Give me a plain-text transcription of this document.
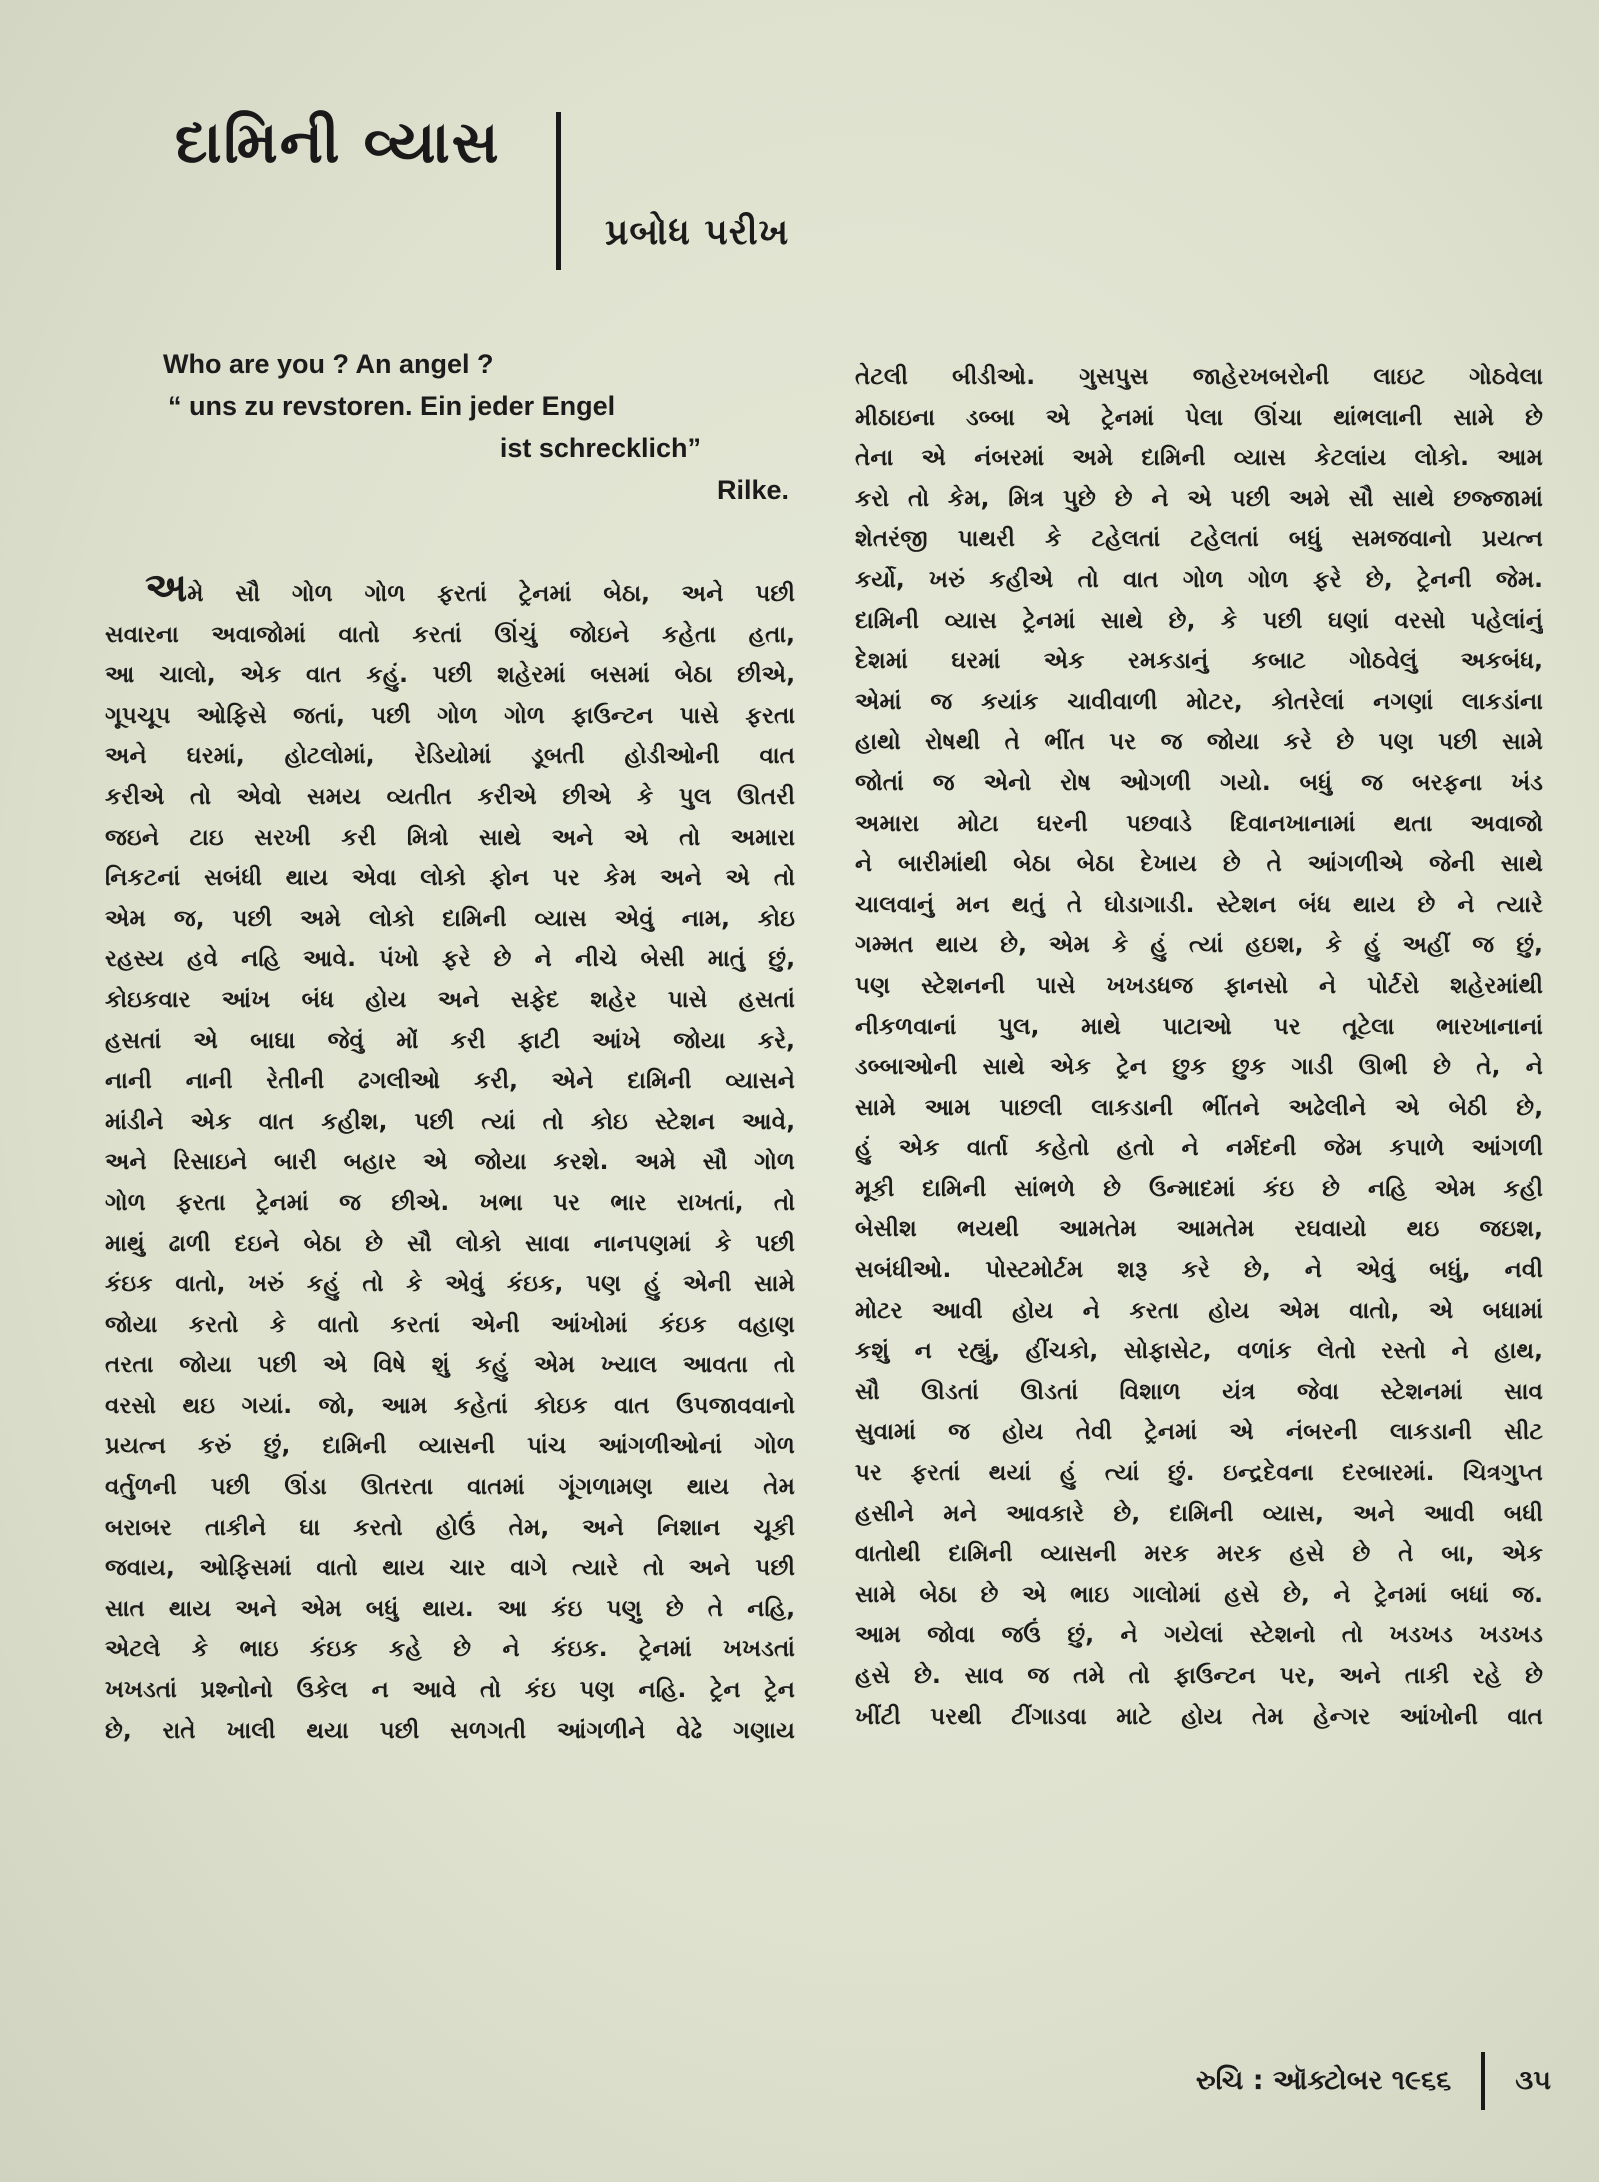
દામિની વ્યાસ
પ્રબોધ પરીખ
Who are you ? An angel ?
“ uns zu revstoren. Ein jeder Engel
ist schrecklich”
Rilke.
અમે સૌ ગોળ ગોળ ફરતાં ટ્રેનમાં બેઠા, અને પછી
સવારના અવાજોમાં વાતો કરતાં ઊંચું જોઇને કહેતા હતા,
આ ચાલો, એક વાત કહું. પછી શહેરમાં બસમાં બેઠા છીએ,
ગૂપચૂપ ઓફિસે જતાં, પછી ગોળ ગોળ ફાઉન્ટન પાસે ફરતા
અને ઘરમાં, હોટલોમાં, રેડિયોમાં ડૂબતી હોડીઓની વાત
કરીએ તો એવો સમય વ્યતીત કરીએ છીએ કે પુલ ઊતરી
જઇને ટાઇ સરખી કરી મિત્રો સાથે અને એ તો અમારા
નિકટનાં સબંધી થાય એવા લોકો ફોન પર કેમ અને એ તો
એમ જ, પછી અમે લોકો દામિની વ્યાસ એવું નામ, કોઇ
રહસ્ય હવે નહિ આવે. પંખો ફરે છે ને નીચે બેસી માતું છું,
કોઇકવાર આંખ બંધ હોય અને સફેદ શહેર પાસે હસતાં
હસતાં એ બાઘા જેવું મોં કરી ફાટી આંખે જોયા કરે,
નાની નાની રેતીની ઢગલીઓ કરી, એને દામિની વ્યાસને
માંડીને એક વાત કહીશ, પછી ત્યાં તો કોઇ સ્ટેશન આવે,
અને રિસાઇને બારી બહાર એ જોયા કરશે. અમે સૌ ગોળ
ગોળ ફરતા ટ્રેનમાં જ છીએ. ખભા પર ભાર રાખતાં, તો
માથું ઢાળી દઇને બેઠા છે સૌ લોકો સાવા નાનપણમાં કે પછી
કંઇક વાતો, ખરું કહું તો કે એવું કંઇક, પણ હું એની સામે
જોયા કરતો કે વાતો કરતાં એની આંખોમાં કંઇક વહાણ
તરતા જોયા પછી એ વિષે શું કહું એમ ખ્યાલ આવતા તો
વરસો થઇ ગયાં. જો, આમ કહેતાં કોઇક વાત ઉપજાવવાનો
પ્રયત્ન કરું છું, દામિની વ્યાસની પાંચ આંગળીઓનાં ગોળ
વર્તુળની પછી ઊંડા ઊતરતા વાતમાં ગૂંગળામણ થાય તેમ
બરાબર તાકીને ઘા કરતો હોઉં તેમ, અને નિશાન ચૂકી
જવાય, ઓફિસમાં વાતો થાય ચાર વાગે ત્યારે તો અને પછી
સાત થાય અને એમ બધું થાય. આ કંઇ પણુ છે તે નહિ,
એટલે કે ભાઇ કંઇક કહે છે ને કંઇક. ટ્રેનમાં ખખડતાં
ખખડતાં પ્રશ્નોનો ઉકેલ ન આવે તો કંઇ પણ નહિ. ટ્રેન ટ્રેન
છે, રાતે ખાલી થયા પછી સળગતી આંગળીને વેઢે ગણાય
તેટલી બીડીઓ. ગુસપુસ જાહેરખબરોની લાઇટ ગોઠવેલા
મીઠાઇના ડબ્બા એ ટ્રેનમાં પેલા ઊંચા થાંભલાની સામે છે
તેના એ નંબરમાં અમે દામિની વ્યાસ કેટલાંય લોકો. આમ
કરો તો કેમ, મિત્ર પુછે છે ને એ પછી અમે સૌ સાથે છજ્જામાં
શેતરંજી પાથરી કે ટહેલતાં ટહેલતાં બધું સમજવાનો પ્રયત્ન
કર્યો, ખરું કહીએ તો વાત ગોળ ગોળ ફરે છે, ટ્રેનની જેમ.
દામિની વ્યાસ ટ્રેનમાં સાથે છે, કે પછી ઘણાં વરસો પહેલાંનું
દેશમાં ઘરમાં એક રમકડાનું કબાટ ગોઠવેલું અકબંધ,
એમાં જ કયાંક ચાવીવાળી મોટર, કોતરેલાં નગણાં લાકડાંના
હાથો રોષથી તે ભીંત પર જ જોયા કરે છે પણ પછી સામે
જોતાં જ એનો રોષ ઓગળી ગયો. બધું જ બરફના ખંડ
અમારા મોટા ઘરની પછવાડે દિવાનખાનામાં થતા અવાજો
ને બારીમાંથી બેઠા બેઠા દેખાય છે તે આંગળીએ જેની સાથે
ચાલવાનું મન થતું તે ઘોડાગાડી. સ્ટેશન બંધ થાય છે ને ત્યારે
ગમ્મત થાય છે, એમ કે હું ત્યાં હઇશ, કે હું અહીં જ છું,
પણ સ્ટેશનની પાસે ખખડધજ ફાનસો ને પોર્ટરો શહેરમાંથી
નીકળવાનાં પુલ, માથે પાટાઓ પર તૂટેલા ભારખાનાનાં
ડબ્બાઓની સાથે એક ટ્રેન છુક છુક ગાડી ઊભી છે તે, ને
સામે આમ પાછલી લાકડાની ભીંતને અઢેલીને એ બેઠી છે,
હું એક વાર્તા કહેતો હતો ને નર્મદની જેમ કપાળે આંગળી
મૂકી દામિની સાંભળે છે ઉન્માદમાં કંઇ છે નહિ એમ કહી
બેસીશ ભયથી આમતેમ આમતેમ રઘવાયો થઇ જઇશ,
સબંધીઓ. પોસ્ટમોર્ટમ શરૂ કરે છે, ને એવું બધું, નવી
મોટર આવી હોય ને કરતા હોય એમ વાતો, એ બધામાં
કશું ન રહ્યું, હીંચકો, સોફાસેટ, વળાંક લેતો રસ્તો ને હાથ,
સૌ ઊડતાં ઊડતાં વિશાળ યંત્ર જેવા સ્ટેશનમાં સાવ
સુવામાં જ હોય તેવી ટ્રેનમાં એ નંબરની લાકડાની સીટ
પર ફરતાં થયાં હું ત્યાં છું. ઇન્દ્રદેવના દરબારમાં. ચિત્રગુપ્ત
હસીને મને આવકારે છે, દામિની વ્યાસ, અને આવી બધી
વાતોથી દામિની વ્યાસની મરક મરક હસે છે તે બા, એક
સામે બેઠા છે એ ભાઇ ગાલોમાં હસે છે, ને ટ્રેનમાં બધાં જ.
આમ જોવા જઉં છું, ને ગયેલાં સ્ટેશનો તો ખડખડ ખડખડ
હસે છે. સાવ જ તમે તો ફાઉન્ટન પર, અને તાકી રહે છે
ખીંટી પરથી ટીંગાડવા માટે હોય તેમ હેન્ગર આંખોની વાત
રુચિ : ઑક્ટોબર ૧૯૬૬ ૩૫
